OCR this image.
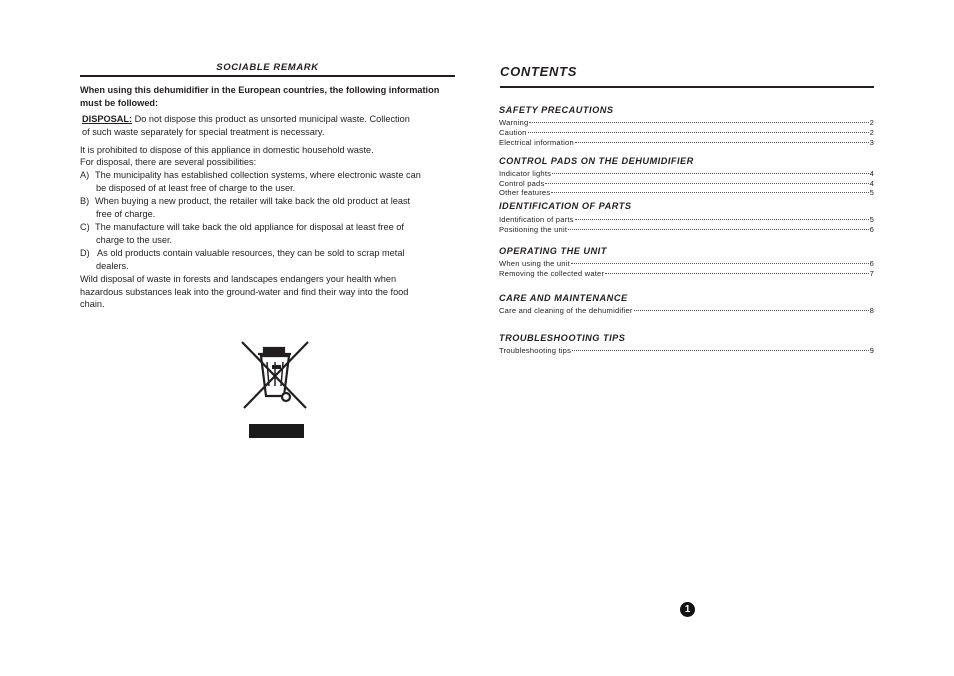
SOCIABLE REMARK
When using this dehumidifier in the European countries, the following information must be followed:
DISPOSAL: Do not dispose this product as unsorted municipal waste. Collection
of such waste separately for special treatment is necessary.
It is prohibited to dispose of this appliance in domestic household waste.
For disposal, there are several possibilities:
A) The municipality has established collection systems, where electronic waste can
be disposed of at least free of charge to the user.
B) When buying a new product, the retailer will take back the old product at least
free of charge.
C) The manufacture will take back the old appliance for disposal at least free of
charge to the user.
D) As old products contain valuable resources, they can be sold to scrap metal
dealers.
Wild disposal of waste in forests and landscapes endangers your health when
hazardous substances leak into the ground-water and find their way into the food
chain.
CONTENTS
SAFETY PRECAUTIONS
Warning	2
Caution	2
Electrical information	3
CONTROL PADS ON THE DEHUMIDIFIER
Indicator lights	4
Control pads	4
Other features	5
IDENTIFICATION OF PARTS
Identification of parts	5
Positioning the unit	6
OPERATING THE UNIT
When using the unit	6
Removing the collected water	7
CARE AND MAINTENANCE
Care and cleaning of the dehumidifier	8
TROUBLESHOOTING TIPS
Troubleshooting tips	9
1
